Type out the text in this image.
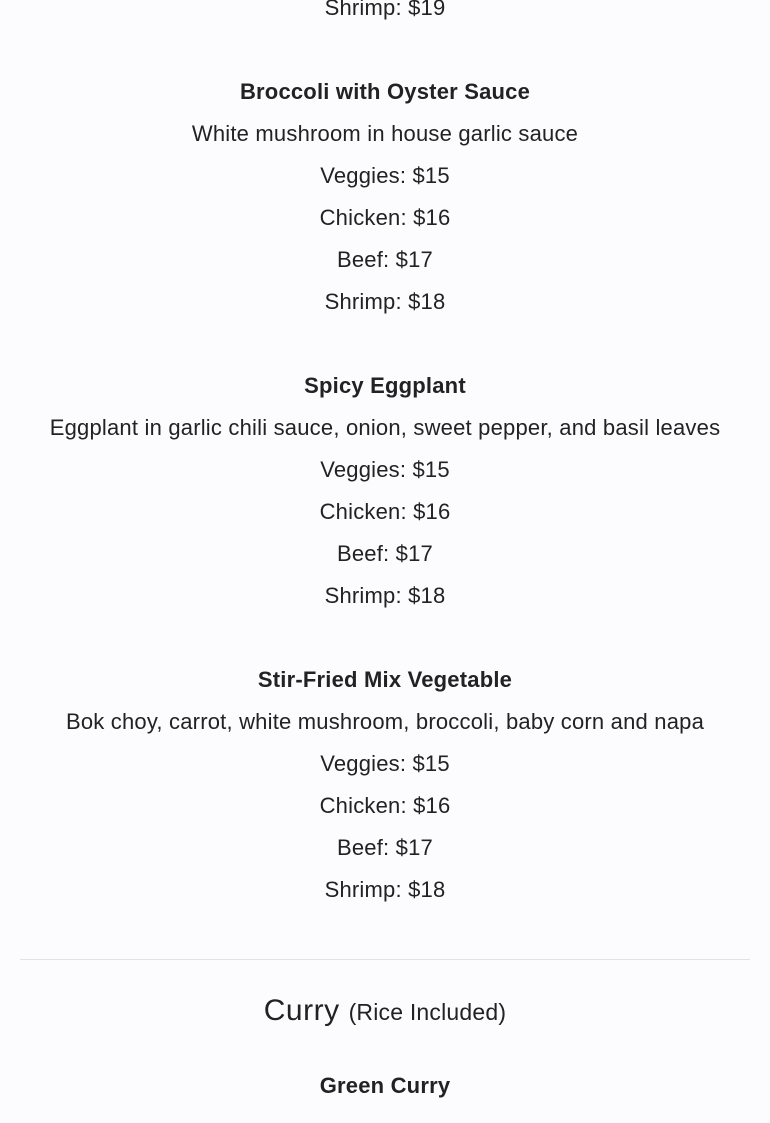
Shrimp: $19
Broccoli with Oyster Sauce
White mushroom in house garlic sauce
Veggies: $15
Chicken: $16
Beef: $17
Shrimp: $18
Spicy Eggplant
Eggplant in garlic chili sauce, onion, sweet pepper, and basil leaves
Veggies: $15
Chicken: $16
Beef: $17
Shrimp: $18
Stir-Fried Mix Vegetable
Bok choy, carrot, white mushroom, broccoli, baby corn and napa
Veggies: $15
Chicken: $16
Beef: $17
Shrimp: $18
Curry (Rice Included)
Green Curry
